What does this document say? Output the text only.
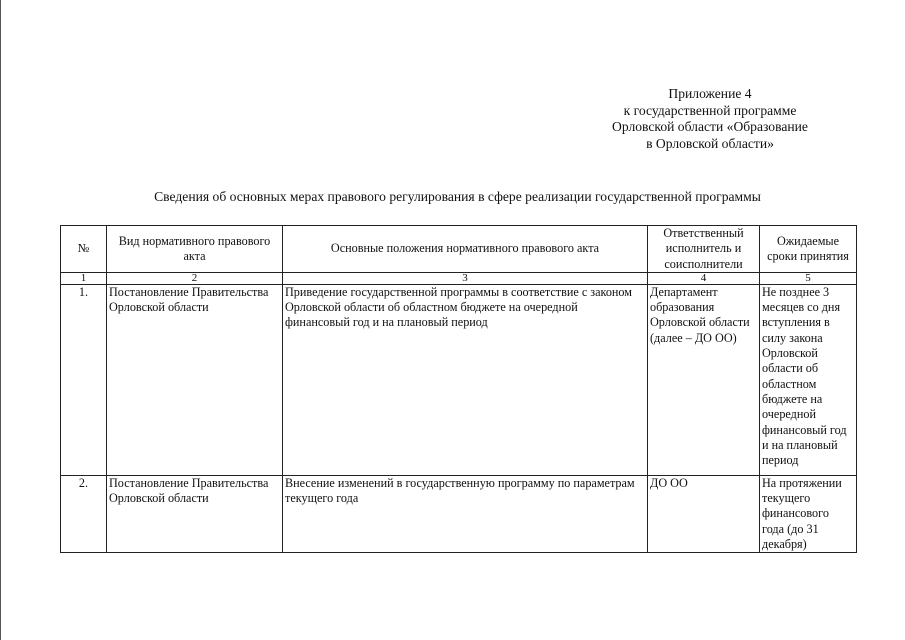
Приложение 4
к государственной программе
Орловской области «Образование
в Орловской области»
Сведения об основных мерах правового регулирования в сфере реализации государственной программы
№	Вид нормативного правового акта	Основные положения нормативного правового акта	Ответственный исполнитель и соисполнители	Ожидаемые сроки принятия
1	2	3	4	5
1.	Постановление Правительства Орловской области	Приведение государственной программы в соответствие с законом Орловской области об областном бюджете на очередной финансовый год и на плановый период	Департамент образования Орловской области (далее – ДО ОО)	Не позднее 3 месяцев со дня вступления в силу закона Орловской области об областном бюджете на очередной финансовый год и на плановый период
2.	Постановление Правительства Орловской области	Внесение изменений в государственную программу по параметрам текущего года	ДО ОО	На протяжении текущего финансового года (до 31 декабря)
